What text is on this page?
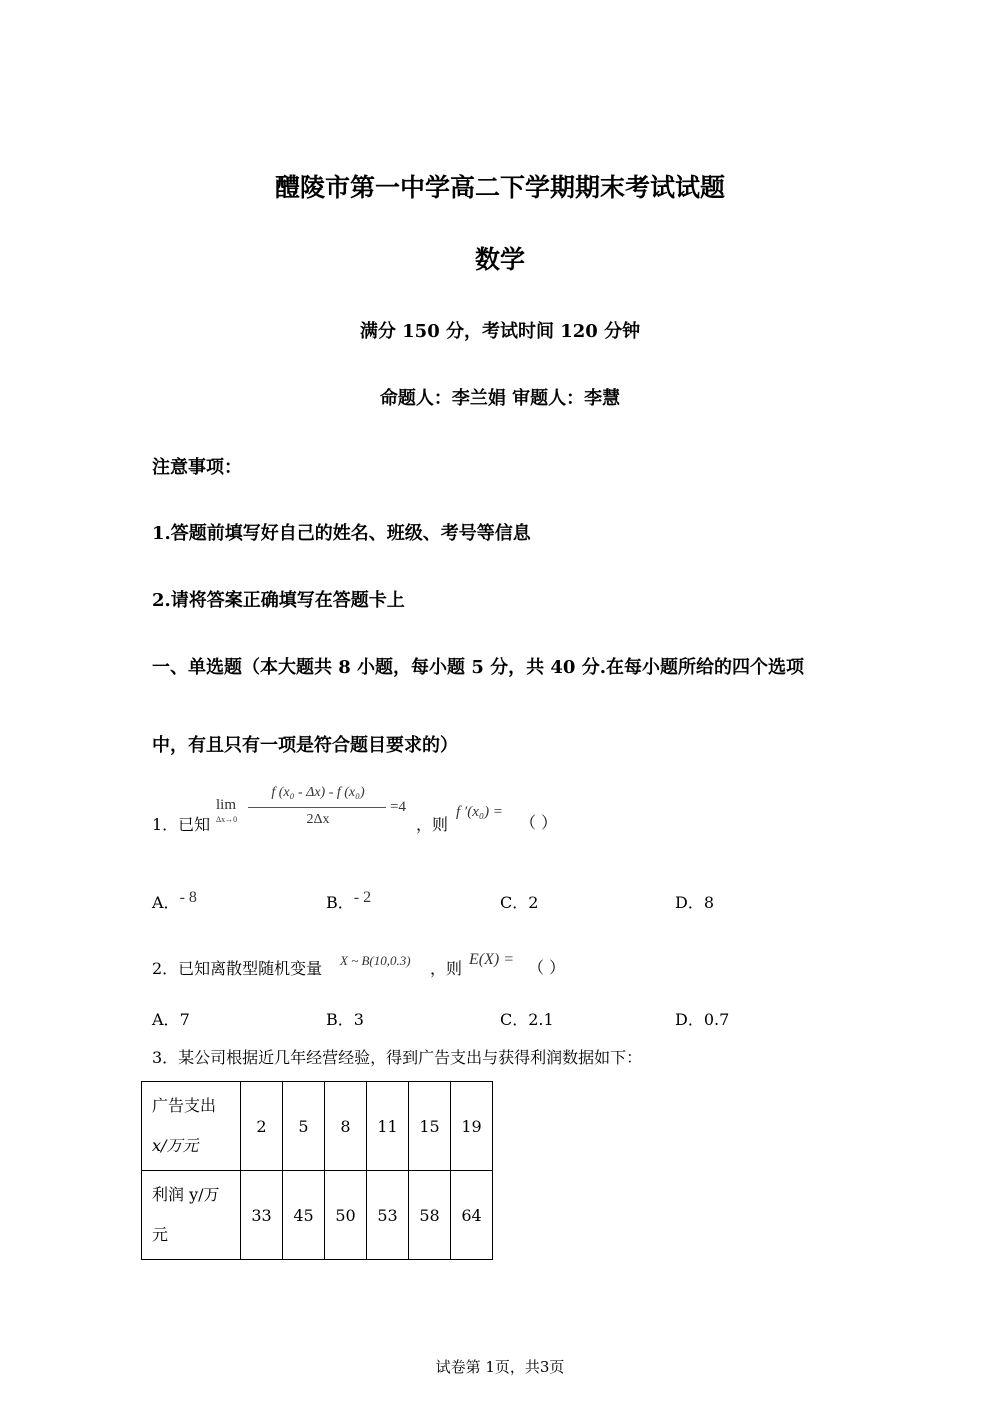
醴陵市第一中学高二下学期期末考试试题
数学
满分 150 分，考试时间 120 分钟
命题人：李兰娟 审题人：李慧
注意事项：
1.答题前填写好自己的姓名、班级、考号等信息
2.请将答案正确填写在答题卡上
一、单选题（本大题共 8 小题，每小题 5 分，共 40 分.在每小题所给的四个选项
中，有且只有一项是符合题目要求的）
1．已知
lim
Δx→0
f (x₀ - Δx) - f (x₀)
2Δx
=4
，则
f ′(x₀) =
（ ）
A．- 8	B．- 2	C．2	D．8
2．已知离散型随机变量 X ~ B(10,0.3) ，则 E(X) = （ ）
A．7	B．3	C．2.1	D．0.7
3．某公司根据近几年经营经验，得到广告支出与获得利润数据如下：
广告支出
x/万元	2	5	8	11	15	19

利润 y/万
元	33	45	50	53	58	64
试卷第 1页，共3页
